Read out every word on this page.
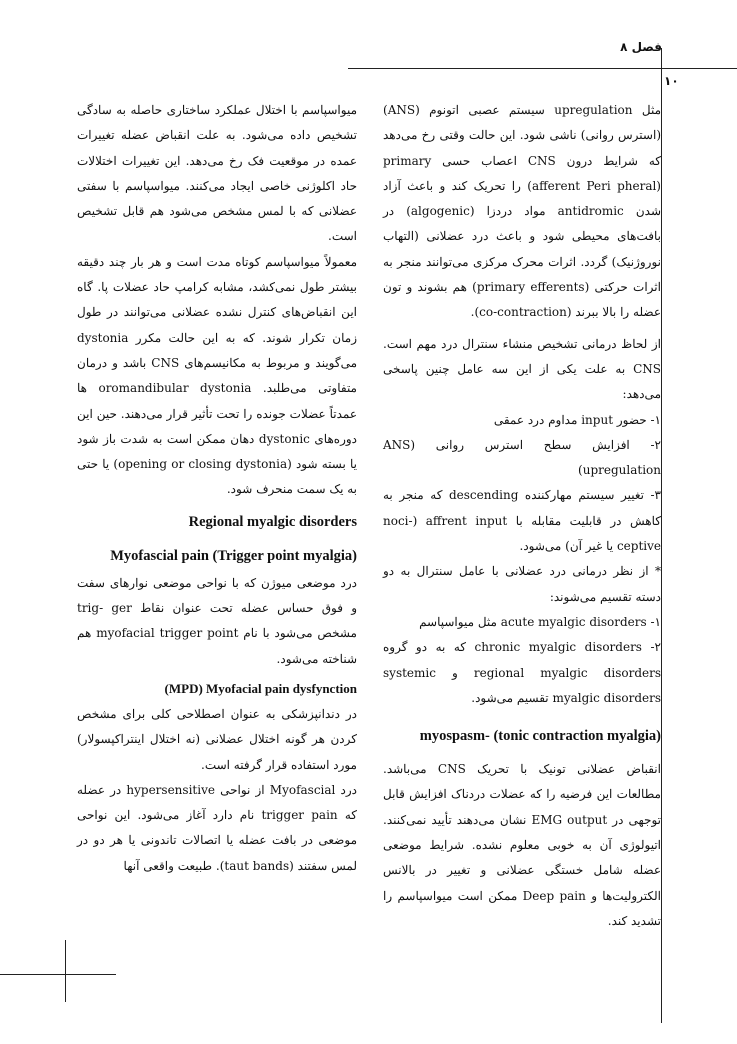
فصل ۸
۱۰

مثل upregulation سیستم عصبی اتونوم (ANS) (استرس روانی) ناشی شود. این حالت وقتی رخ می‌دهد که شرایط درون CNS اعصاب حسی primary (afferent Peri pheral) را تحریک کند و باعث آزاد شدن antidromic مواد دردزا (algogenic) در بافت‌های محیطی شود و باعث درد عضلانی (التهاب نوروژنیک) گردد. اثرات محرک مرکزی می‌توانند منجر به اثرات حرکتی (primary efferents) هم بشوند و تون عضله را بالا ببرند (co-contraction).

از لحاظ درمانی تشخیص منشاء سنترال درد مهم است. CNS به علت یکی از این سه عامل چنین پاسخی می‌دهد:

۱- حضور input مداوم درد عمقی

۲- افزایش سطح استرس روانی (ANS upregulation)

۳- تغییر سیستم مهارکننده descending که منجر به کاهش در قابلیت مقابله با noci-) affrent input ceptive یا غیر آن) می‌شود.

* از نظر درمانی درد عضلانی با عامل سنترال به دو دسته تقسیم می‌شوند:

۱- acute myalgic disorders مثل میواسپاسم

۲- chronic myalgic disorders که به دو گروه regional myalgic disorders و systemic myalgic disorders تقسیم می‌شود.

myospasm- (tonic contraction myalgia)

انقباض عضلانی تونیک با تحریک CNS می‌باشد. مطالعات این فرضیه را که عضلات دردناک افزایش قابل توجهی در EMG output نشان می‌دهند تأیید نمی‌کنند. اتیولوژی آن به خوبی معلوم نشده. شرایط موضعی عضله شامل خستگی عضلانی و تغییر در بالانس الکترولیت‌ها و Deep pain ممکن است میواسپاسم را تشدید کند.

میواسپاسم با اختلال عملکرد ساختاری حاصله به سادگی تشخیص داده می‌شود. به علت انقباض عضله تغییرات عمده در موقعیت فک رخ می‌دهد. این تغییرات اختلالات حاد اکلوژنی خاصی ایجاد می‌کنند. میواسپاسم با سفتی عضلانی که با لمس مشخص می‌شود هم قابل تشخیص است.

معمولاً میواسپاسم کوتاه مدت است و هر بار چند دقیقه بیشتر طول نمی‌کشد، مشابه کرامپ حاد عضلات پا. گاه این انقباض‌های کنترل نشده عضلانی می‌توانند در طول زمان تکرار شوند. که به این حالت مکرر dystonia می‌گویند و مربوط به مکانیسم‌های CNS باشد و درمان متفاوتی می‌طلبد. oromandibular dystonia ها عمدتاً عضلات جونده را تحت تأثیر قرار می‌دهند. حین این دوره‌های dystonic دهان ممکن است به شدت باز شود یا بسته شود (opening or closing dystonia) یا حتی به یک سمت منحرف شود.

Regional myalgic disorders

Myofascial pain (Trigger point myalgia)

درد موضعی میوژن که با نواحی موضعی نوارهای سفت و فوق حساس عضله تحت عنوان نقاط trig- ger مشخص می‌شود با نام myofacial trigger point هم شناخته می‌شود.

(MPD) Myofacial pain dysfynction

در دندانپزشکی به عنوان اصطلاحی کلی برای مشخص کردن هر گونه اختلال عضلانی (نه اختلال اینتراکپسولار) مورد استفاده قرار گرفته است.

درد Myofascial از نواحی hypersensitive در عضله که trigger pain نام دارد آغاز می‌شود. این نواحی موضعی در بافت عضله یا اتصالات تاندونی یا هر دو در لمس سفتند (taut bands). طبیعت واقعی آنها
